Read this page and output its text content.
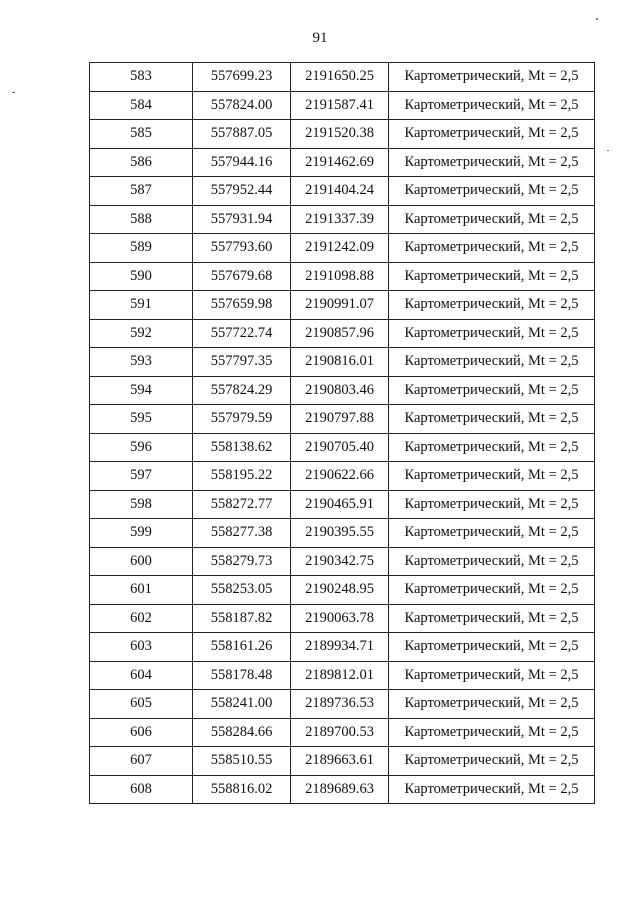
91
583	557699.23	2191650.25	Картометрический, Mt = 2,5
584	557824.00	2191587.41	Картометрический, Mt = 2,5
585	557887.05	2191520.38	Картометрический, Mt = 2,5
586	557944.16	2191462.69	Картометрический, Mt = 2,5
587	557952.44	2191404.24	Картометрический, Mt = 2,5
588	557931.94	2191337.39	Картометрический, Mt = 2,5
589	557793.60	2191242.09	Картометрический, Mt = 2,5
590	557679.68	2191098.88	Картометрический, Mt = 2,5
591	557659.98	2190991.07	Картометрический, Mt = 2,5
592	557722.74	2190857.96	Картометрический, Mt = 2,5
593	557797.35	2190816.01	Картометрический, Mt = 2,5
594	557824.29	2190803.46	Картометрический, Mt = 2,5
595	557979.59	2190797.88	Картометрический, Mt = 2,5
596	558138.62	2190705.40	Картометрический, Mt = 2,5
597	558195.22	2190622.66	Картометрический, Mt = 2,5
598	558272.77	2190465.91	Картометрический, Mt = 2,5
599	558277.38	2190395.55	Картометрический, Mt = 2,5
600	558279.73	2190342.75	Картометрический, Mt = 2,5
601	558253.05	2190248.95	Картометрический, Mt = 2,5
602	558187.82	2190063.78	Картометрический, Mt = 2,5
603	558161.26	2189934.71	Картометрический, Mt = 2,5
604	558178.48	2189812.01	Картометрический, Mt = 2,5
605	558241.00	2189736.53	Картометрический, Mt = 2,5
606	558284.66	2189700.53	Картометрический, Mt = 2,5
607	558510.55	2189663.61	Картометрический, Mt = 2,5
608	558816.02	2189689.63	Картометрический, Mt = 2,5
